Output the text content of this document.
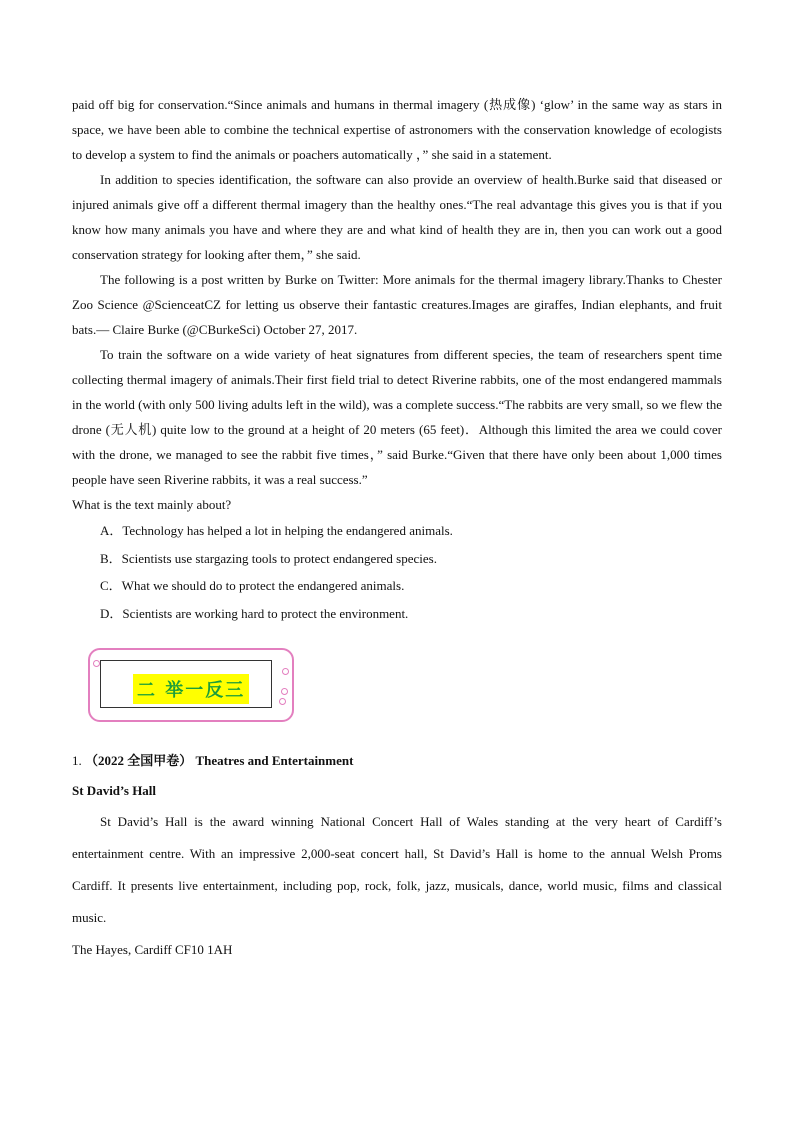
paid off big for conservation.“Since animals and humans in thermal imagery (热成像) ‘glow’ in the same way as stars in space, we have been able to combine the technical expertise of astronomers with the conservation knowledge of ecologists to develop a system to find the animals or poachers automatically ，” she said in a statement.

In addition to species identification, the software can also provide an overview of health.Burke said that diseased or injured animals give off a different thermal imagery than the healthy ones.“The real advantage this gives you is that if you know how many animals you have and where they are and what kind of health they are in, then you can work out a good conservation strategy for looking after them，” she said.

The following is a post written by Burke on Twitter: More animals for the thermal imagery library.Thanks to Chester Zoo Science @ScienceatCZ for letting us observe their fantastic creatures.Images are giraffes, Indian elephants, and fruit bats.— Claire Burke (@CBurkeSci) October 27, 2017.

To train the software on a wide variety of heat signatures from different species, the team of researchers spent time collecting thermal imagery of animals.Their first field trial to detect Riverine rabbits, one of the most endangered mammals in the world (with only 500 living adults left in the wild), was a complete success.“The rabbits are very small, so we flew the drone (无人机) quite low to the ground at a height of 20 meters (65 feet)．Although this limited the area we could cover with the drone, we managed to see the rabbit five times，” said Burke.“Given that there have only been about 1,000 times people have seen Riverine rabbits, it was a real success.”

What is the text mainly about?

A．Technology has helped a lot in helping the endangered animals.
B．Scientists use stargazing tools to protect endangered species.
C．What we should do to protect the endangered animals.
D．Scientists are working hard to protect the environment.
二 举一反三

1. （2022 全国甲卷） Theatres and Entertainment

St David’s Hall

St David’s Hall is the award winning National Concert Hall of Wales standing at the very heart of Cardiff’s entertainment centre. With an impressive 2,000-seat concert hall, St David’s Hall is home to the annual Welsh Proms Cardiff. It presents live entertainment, including pop, rock, folk, jazz, musicals, dance, world music, films and classical music.

The Hayes, Cardiff CF10 1AH
